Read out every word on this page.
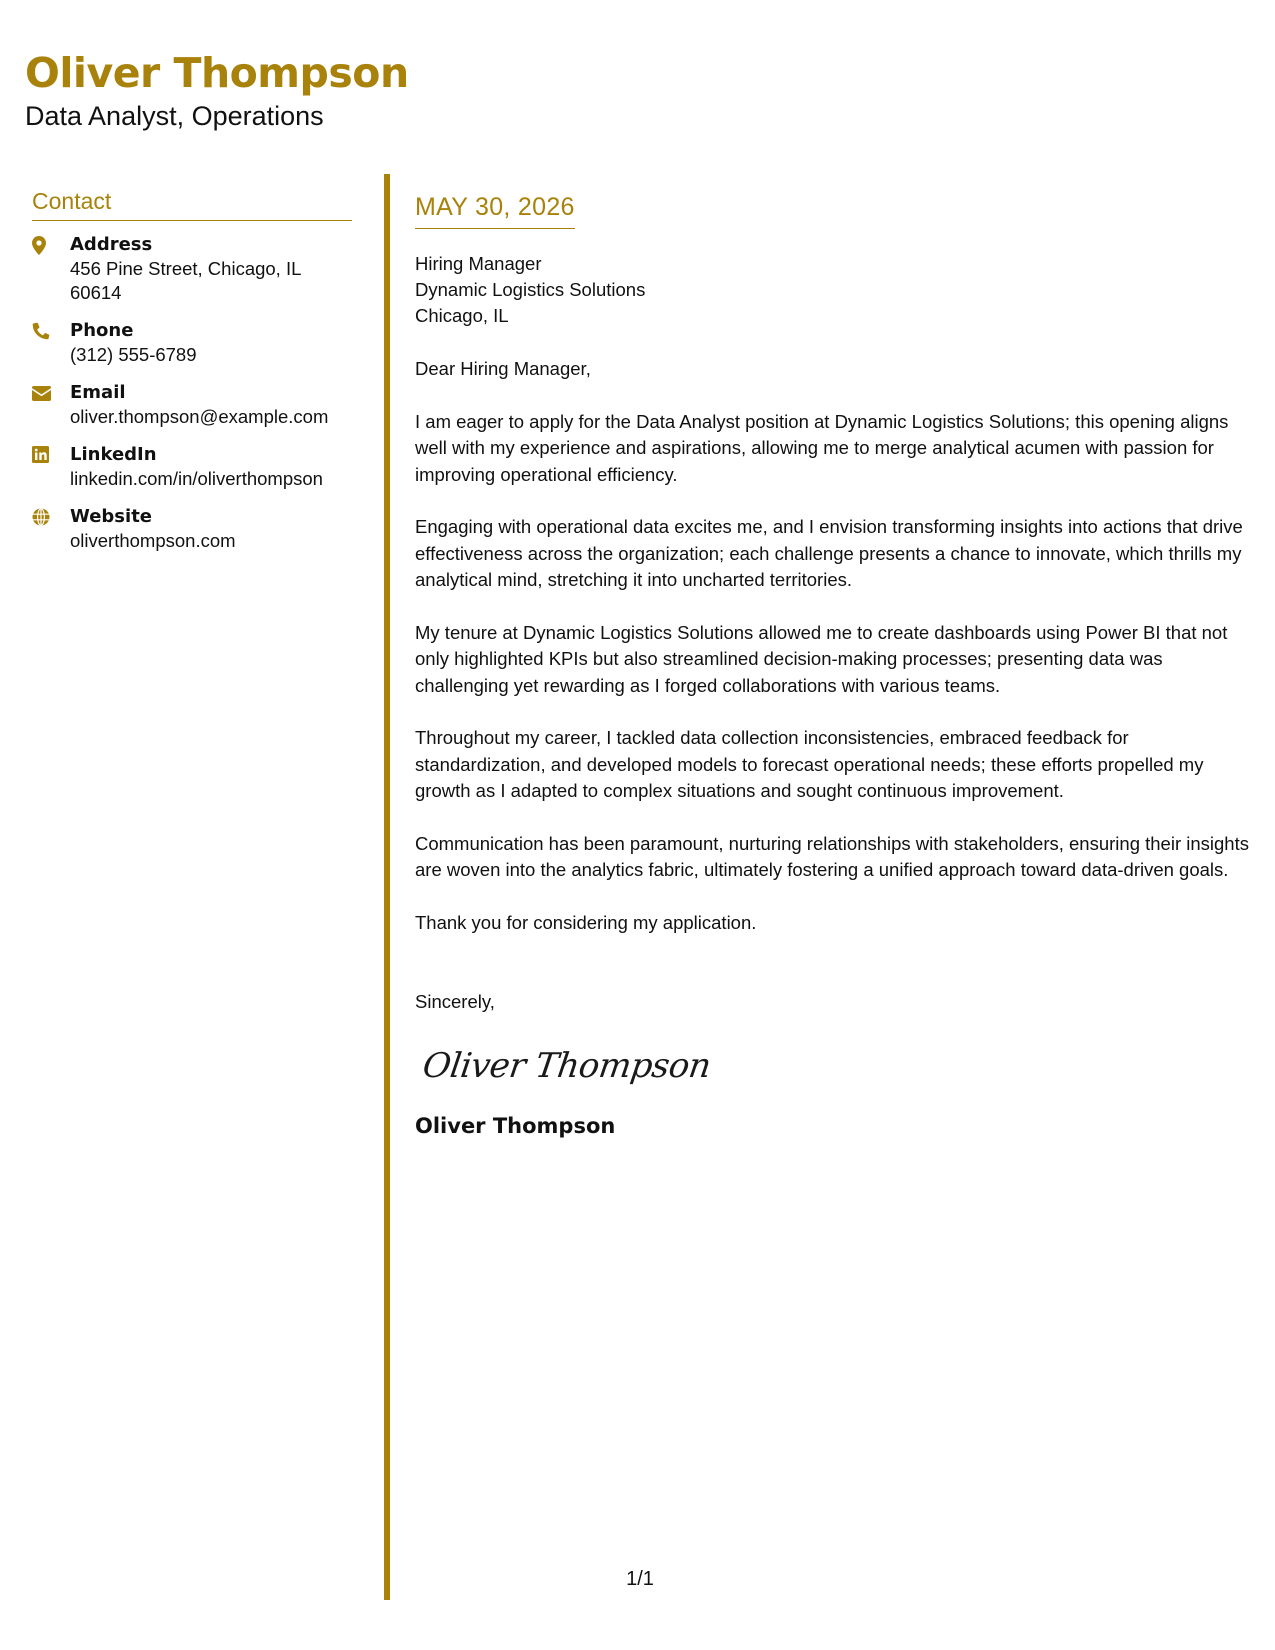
Oliver Thompson
Data Analyst, Operations
Contact
Address
456 Pine Street, Chicago, IL 60614
Phone
(312) 555-6789
Email
oliver.thompson@example.com
LinkedIn
linkedin.com/in/oliverthompson
Website
oliverthompson.com
MAY 30, 2026
Hiring Manager
Dynamic Logistics Solutions
Chicago, IL
Dear Hiring Manager,

I am eager to apply for the Data Analyst position at Dynamic Logistics Solutions; this opening aligns well with my experience and aspirations, allowing me to merge analytical acumen with passion for improving operational efficiency.

Engaging with operational data excites me, and I envision transforming insights into actions that drive effectiveness across the organization; each challenge presents a chance to innovate, which thrills my analytical mind, stretching it into uncharted territories.

My tenure at Dynamic Logistics Solutions allowed me to create dashboards using Power BI that not only highlighted KPIs but also streamlined decision-making processes; presenting data was challenging yet rewarding as I forged collaborations with various teams.

Throughout my career, I tackled data collection inconsistencies, embraced feedback for standardization, and developed models to forecast operational needs; these efforts propelled my growth as I adapted to complex situations and sought continuous improvement.

Communication has been paramount, nurturing relationships with stakeholders, ensuring their insights are woven into the analytics fabric, ultimately fostering a unified approach toward data-driven goals.

Thank you for considering my application.

Sincerely,
Oliver Thompson
Oliver Thompson
1/1
